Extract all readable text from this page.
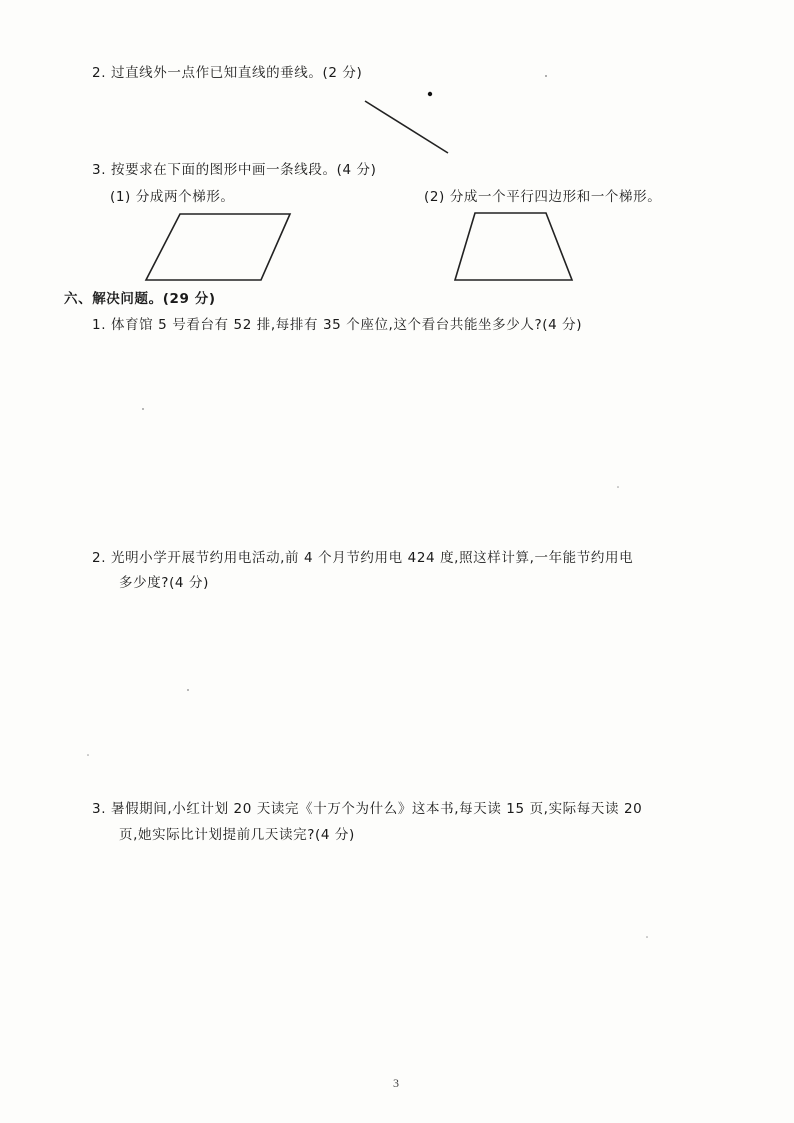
2. 过直线外一点作已知直线的垂线。(2 分)
3. 按要求在下面的图形中画一条线段。(4 分)
(1) 分成两个梯形。	(2) 分成一个平行四边形和一个梯形。
六、解决问题。(29 分)
1. 体育馆 5 号看台有 52 排,每排有 35 个座位,这个看台共能坐多少人?(4 分)
2. 光明小学开展节约用电活动,前 4 个月节约用电 424 度,照这样计算,一年能节约用电
多少度?(4 分)
3. 暑假期间,小红计划 20 天读完《十万个为什么》这本书,每天读 15 页,实际每天读 20
页,她实际比计划提前几天读完?(4 分)
3
